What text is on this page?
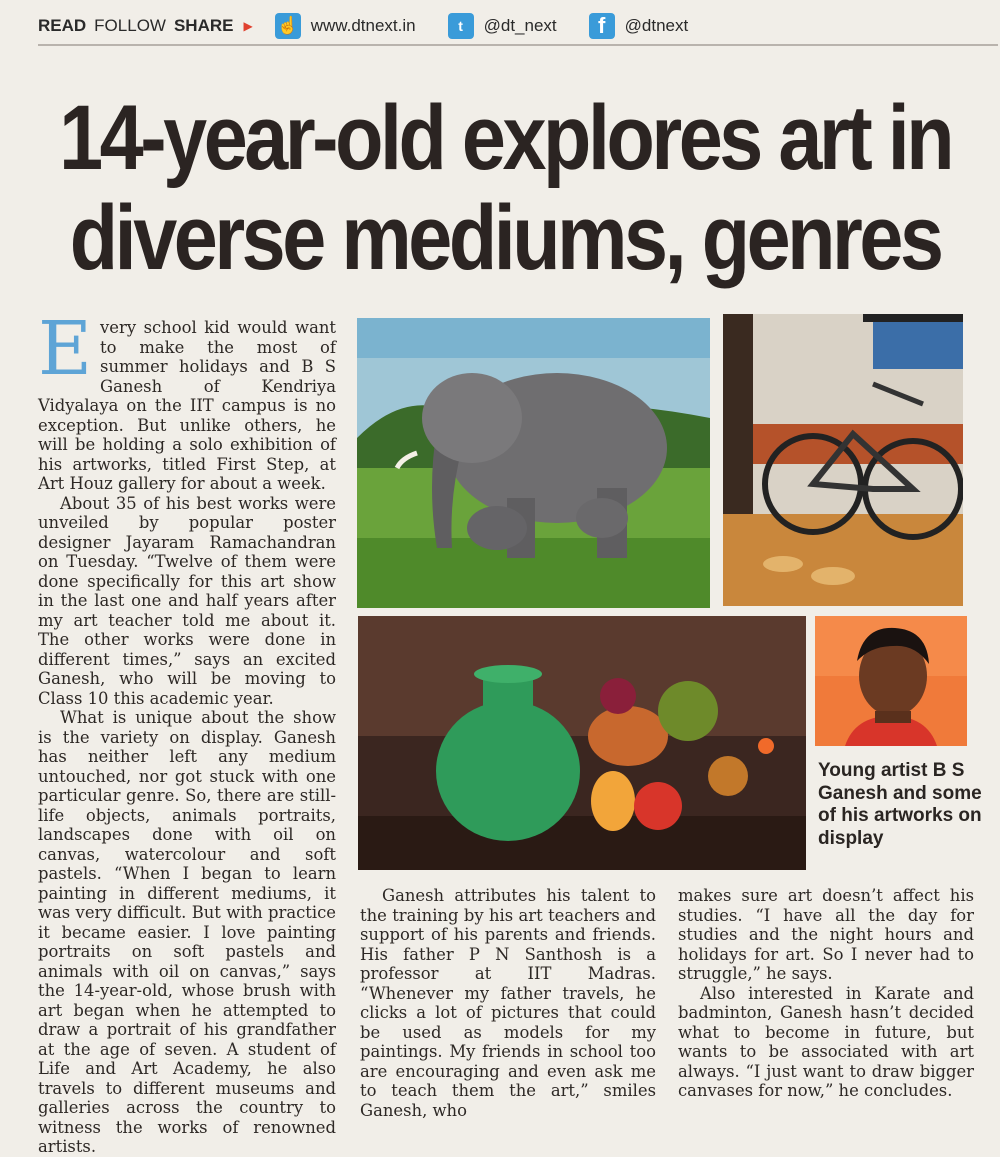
READ FOLLOW SHARE ▶ ☝ www.dtnext.in	t	@dt_next	f	@dtnext
14-year-old explores art in
diverse mediums, genres

Every school kid would want to make the most of summer holidays and B S Ganesh of Kendriya Vidyalaya on the IIT campus is no exception. But unlike others, he will be holding a solo exhibition of his artworks, titled First Step, at Art Houz gallery for about a week.

About 35 of his best works were unveiled by popular poster designer Jayaram Ramachandran on Tuesday. “Twelve of them were done specifically for this art show in the last one and half years after my art teacher told me about it. The other works were done in different times,” says an excited Ganesh, who will be moving to Class 10 this academic year.

What is unique about the show is the variety on display. Ganesh has neither left any medium untouched, nor got stuck with one particular genre. So, there are still-life objects, animals portraits, landscapes done with oil on canvas, watercolour and soft pastels. “When I began to learn painting in different mediums, it was very difficult. But with practice it became easier. I love painting portraits on soft pastels and animals with oil on canvas,” says the 14-year-old, whose brush with art began when he attempted to draw a portrait of his grandfather at the age of seven. A student of Life and Art Academy, he also travels to different museums and galleries across the country to witness the works of renowned artists.

Young artist B S Ganesh and some of his artworks on display

Ganesh attributes his talent to the training by his art teachers and support of his parents and friends. His father P N Santhosh is a professor at IIT Madras. “Whenever my father travels, he clicks a lot of pictures that could be used as models for my paintings. My friends in school too are encouraging and even ask me to teach them the art,” smiles Ganesh, who

makes sure art doesn’t affect his studies. “I have all the day for studies and the night hours and holidays for art. So I never had to struggle,” he says.

Also interested in Karate and badminton, Ganesh hasn’t decided what to become in future, but wants to be associated with art always. “I just want to draw bigger canvases for now,” he concludes.
